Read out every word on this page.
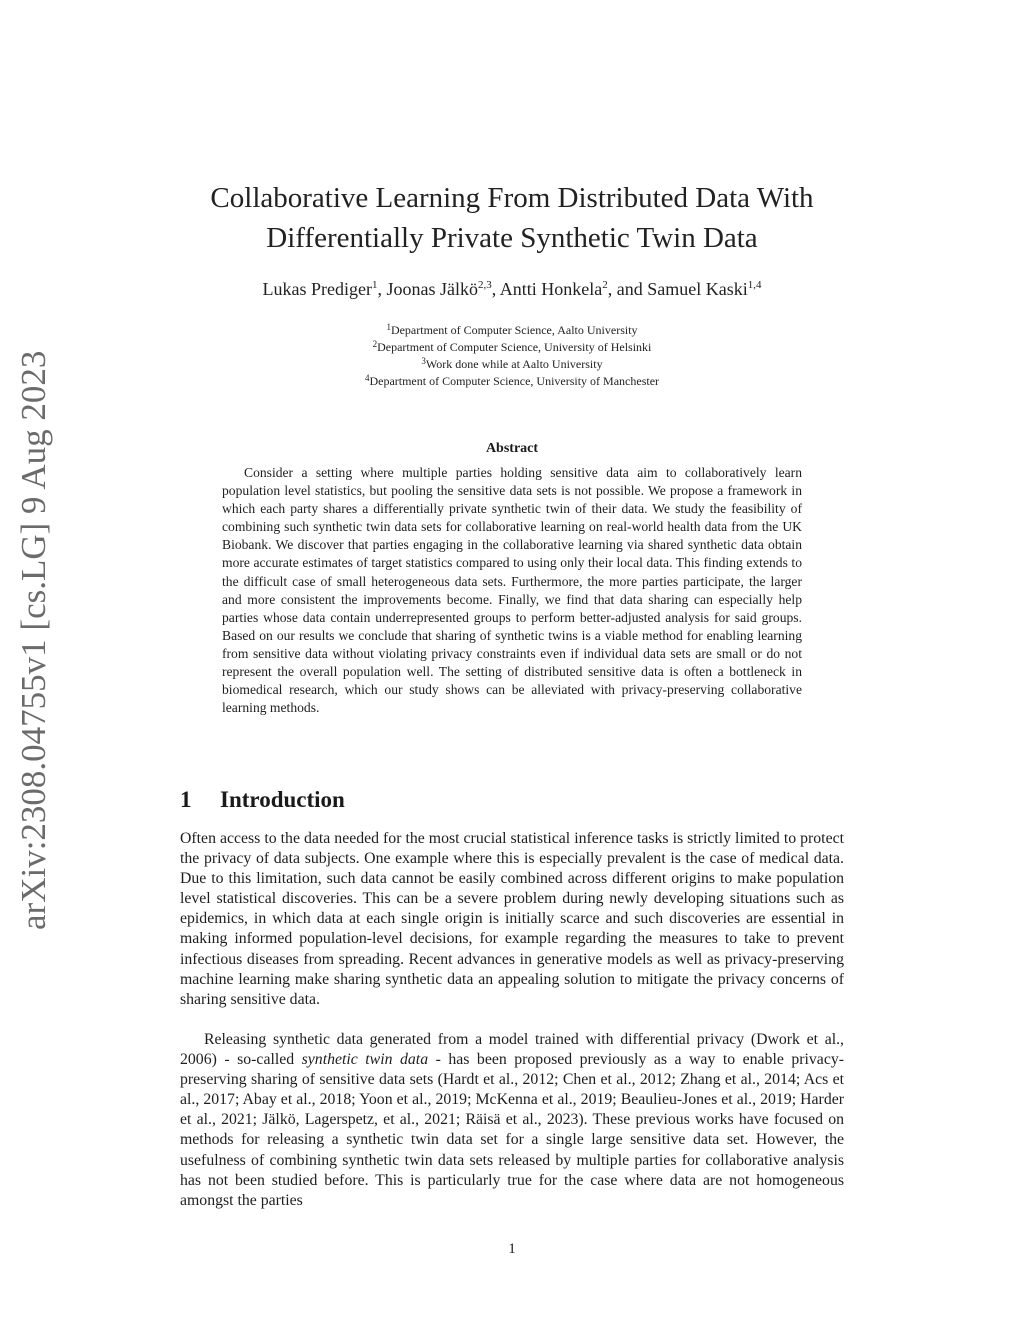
arXiv:2308.04755v1 [cs.LG] 9 Aug 2023
Collaborative Learning From Distributed Data With
Differentially Private Synthetic Twin Data
Lukas Prediger$^1$, Joonas Jälkö$^{2,3}$, Antti Honkela$^2$, and Samuel Kaski$^{1,4}$
$^1$Department of Computer Science, Aalto University
$^2$Department of Computer Science, University of Helsinki
$^3$Work done while at Aalto University
$^4$Department of Computer Science, University of Manchester
Abstract

Consider a setting where multiple parties holding sensitive data aim to collaboratively learn population level statistics, but pooling the sensitive data sets is not possible. We propose a framework in which each party shares a differentially private synthetic twin of their data. We study the feasibility of combining such synthetic twin data sets for collaborative learning on real-world health data from the UK Biobank. We discover that parties engaging in the collaborative learning via shared synthetic data obtain more accurate estimates of target statistics compared to using only their local data. This finding extends to the difficult case of small heterogeneous data sets. Furthermore, the more parties participate, the larger and more consistent the improvements become. Finally, we find that data sharing can especially help parties whose data contain underrepresented groups to perform better-adjusted analysis for said groups. Based on our results we conclude that sharing of synthetic twins is a viable method for enabling learning from sensitive data without violating privacy constraints even if individual data sets are small or do not represent the overall population well. The setting of distributed sensitive data is often a bottleneck in biomedical research, which our study shows can be alleviated with privacy-preserving collaborative learning methods.

1 Introduction

Often access to the data needed for the most crucial statistical inference tasks is strictly limited to protect the privacy of data subjects. One example where this is especially prevalent is the case of medical data. Due to this limitation, such data cannot be easily combined across different origins to make population level statistical discoveries. This can be a severe problem during newly developing situations such as epidemics, in which data at each single origin is initially scarce and such discoveries are essential in making informed population-level decisions, for example regarding the measures to take to prevent infectious diseases from spreading. Recent advances in generative models as well as privacy-preserving machine learning make sharing synthetic data an appealing solution to mitigate the privacy concerns of sharing sensitive data.

Releasing synthetic data generated from a model trained with differential privacy (Dwork et al., 2006) - so-called synthetic twin data - has been proposed previously as a way to enable privacy-preserving sharing of sensitive data sets (Hardt et al., 2012; Chen et al., 2012; Zhang et al., 2014; Acs et al., 2017; Abay et al., 2018; Yoon et al., 2019; McKenna et al., 2019; Beaulieu-Jones et al., 2019; Harder et al., 2021; Jälkö, Lagerspetz, et al., 2021; Räisä et al., 2023). These previous works have focused on methods for releasing a synthetic twin data set for a single large sensitive data set. However, the usefulness of combining synthetic twin data sets released by multiple parties for collaborative analysis has not been studied before. This is particularly true for the case where data are not homogeneous amongst the parties

1
